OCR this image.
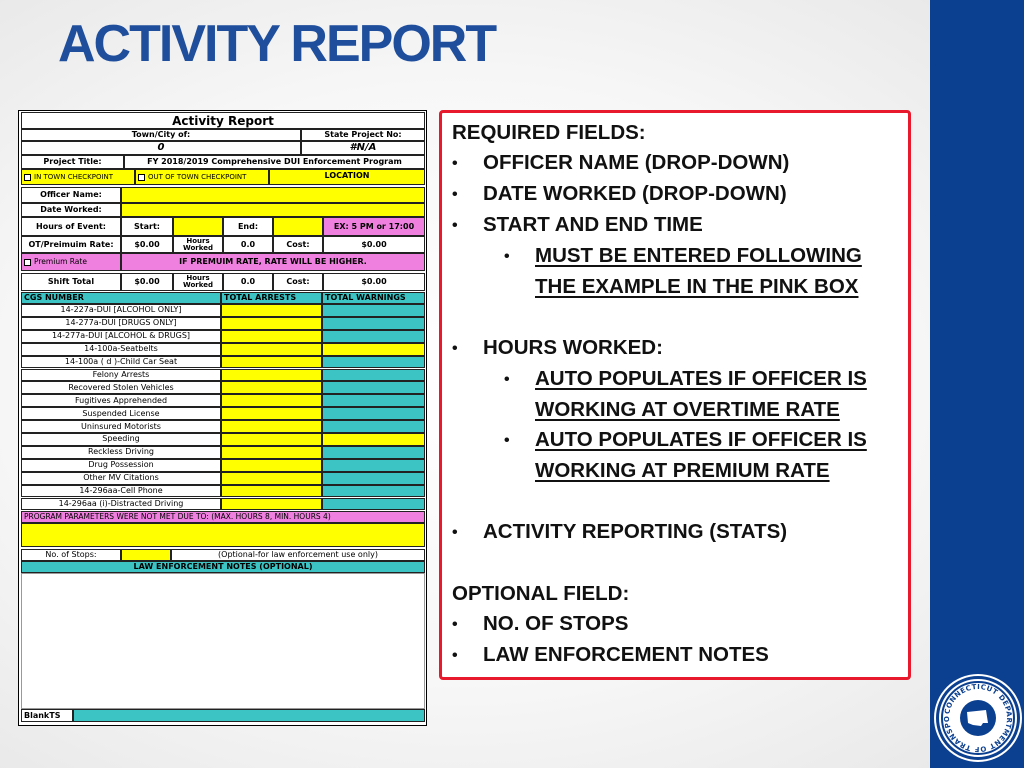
ACTIVITY REPORT
Activity Report
Town/City of:	State Project No:
0	#N/A
Project Title:	FY 2018/2019 Comprehensive DUI Enforcement Program
IN TOWN CHECKPOINT	OUT OF TOWN CHECKPOINT	LOCATION
Officer Name:
Date Worked:
Hours of Event:	Start:	End:	EX: 5 PM or 17:00
OT/Preimuim Rate:	$0.00	Hours Worked	0.0	Cost:	$0.00
Premium Rate	IF PREMUIM RATE, RATE WILL BE HIGHER.
Shift Total	$0.00	Hours Worked	0.0	Cost:	$0.00
CGS NUMBER	TOTAL ARRESTS	TOTAL WARNINGS
14-227a-DUI [ALCOHOL ONLY]
14-277a-DUI [DRUGS ONLY]
14-277a-DUI [ALCOHOL & DRUGS]
14-100a-Seatbelts
14-100a ( d )-Child Car Seat
Felony Arrests
Recovered Stolen Vehicles
Fugitives Apprehended
Suspended License
Uninsured Motorists
Speeding
Reckless Driving
Drug Possession
Other MV Citations
14-296aa-Cell Phone
14-296aa (i)-Distracted Driving
PROGRAM PARAMETERS WERE NOT MET DUE TO: (MAX. HOURS 8, MIN. HOURS 4)
No. of Stops:	(Optional-for law enforcement use only)
LAW ENFORCEMENT NOTES (OPTIONAL)
BlankTS
REQUIRED FIELDS:
• OFFICER NAME (DROP-DOWN)
• DATE WORKED (DROP-DOWN)
• START AND END TIME
• MUST BE ENTERED FOLLOWING
THE EXAMPLE IN THE PINK BOX
• HOURS WORKED:
• AUTO POPULATES IF OFFICER IS
WORKING AT OVERTIME RATE
• AUTO POPULATES IF OFFICER IS
WORKING AT PREMIUM RATE
• ACTIVITY REPORTING (STATS)
OPTIONAL FIELD:
• NO. OF STOPS
• LAW ENFORCEMENT NOTES
CONNECTICUT DEPARTMENT OF TRANSPO
